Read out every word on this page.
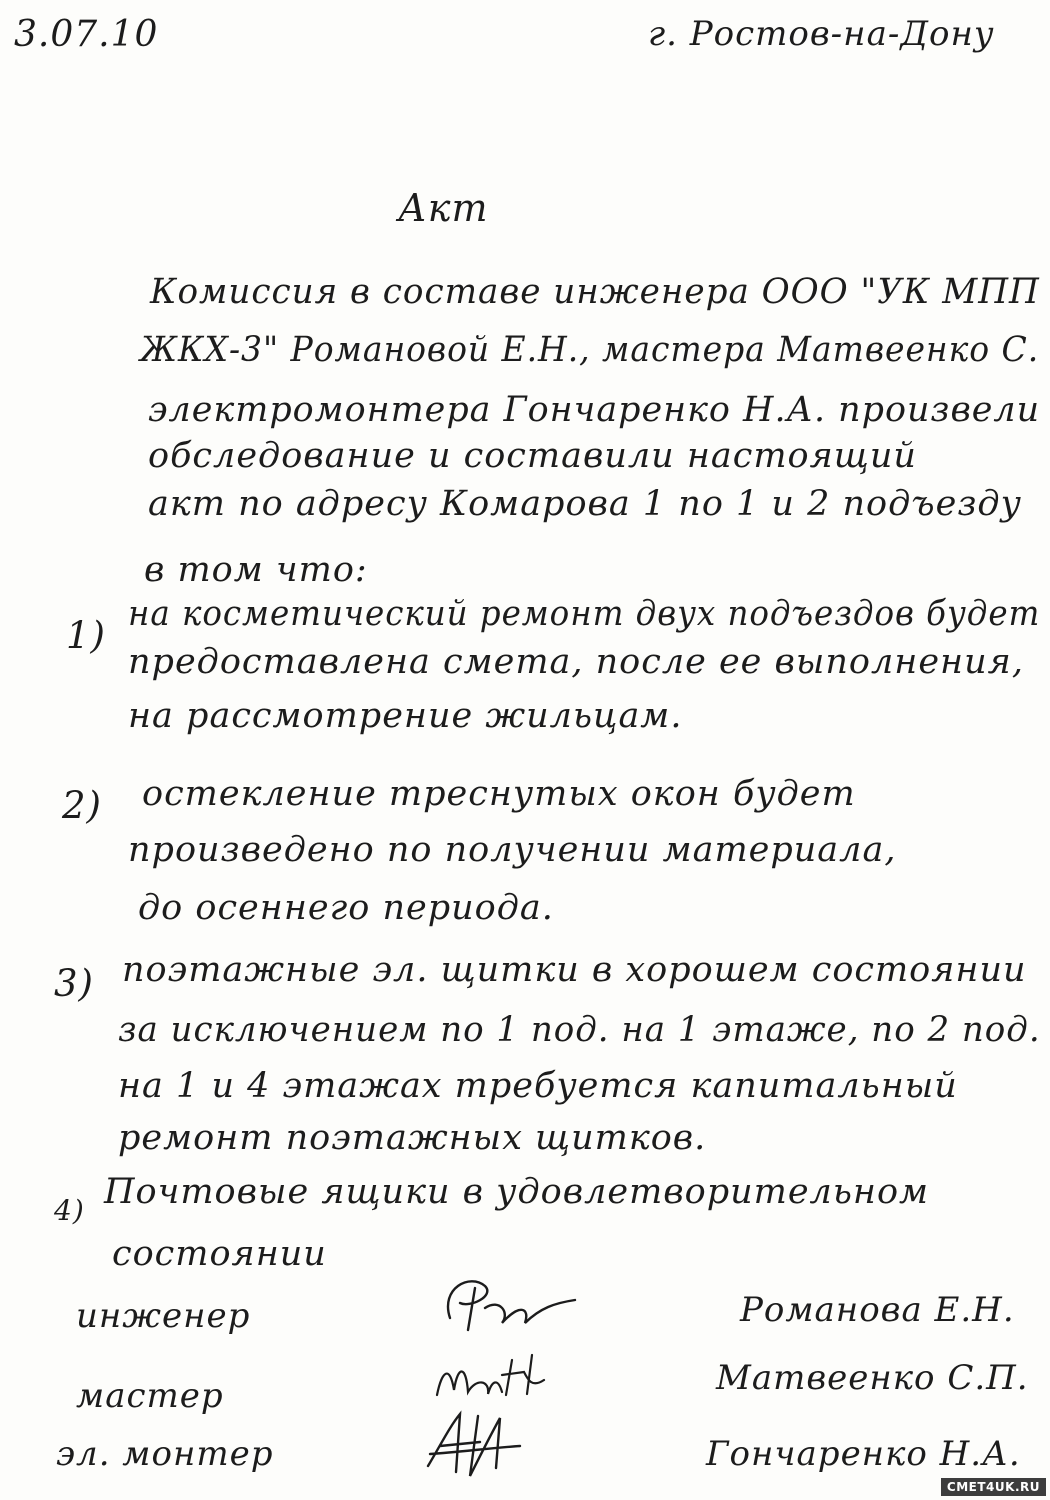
3.07.10	г. Ростов-на-Дону
Акт
Комиссия в составе инженера ООО "УК МПП
ЖКХ-3" Романовой Е.Н., мастера Матвеенко С.
электромонтера Гончаренко Н.А. произвели
обследование и составили настоящий
акт по адресу Комарова 1 по 1 и 2 подъезду
в том что:
1) на косметический ремонт двух подъездов будет
предоставлена смета, после ее выполнения,
на рассмотрение жильцам.
2) остекление треснутых окон будет
произведено по получении материала,
до осеннего периода.
3) поэтажные эл. щитки в хорошем состоянии
за исключением по 1 под. на 1 этаже, по 2 под.
на 1 и 4 этажах требуется капитальный
ремонт поэтажных щитков.
4) Почтовые ящики в удовлетворительном
состоянии
инженер
мастер
эл. монтер
Романова Е.Н.
Матвеенко С.П.
Гончаренко Н.А.
CMET4UK.RU
